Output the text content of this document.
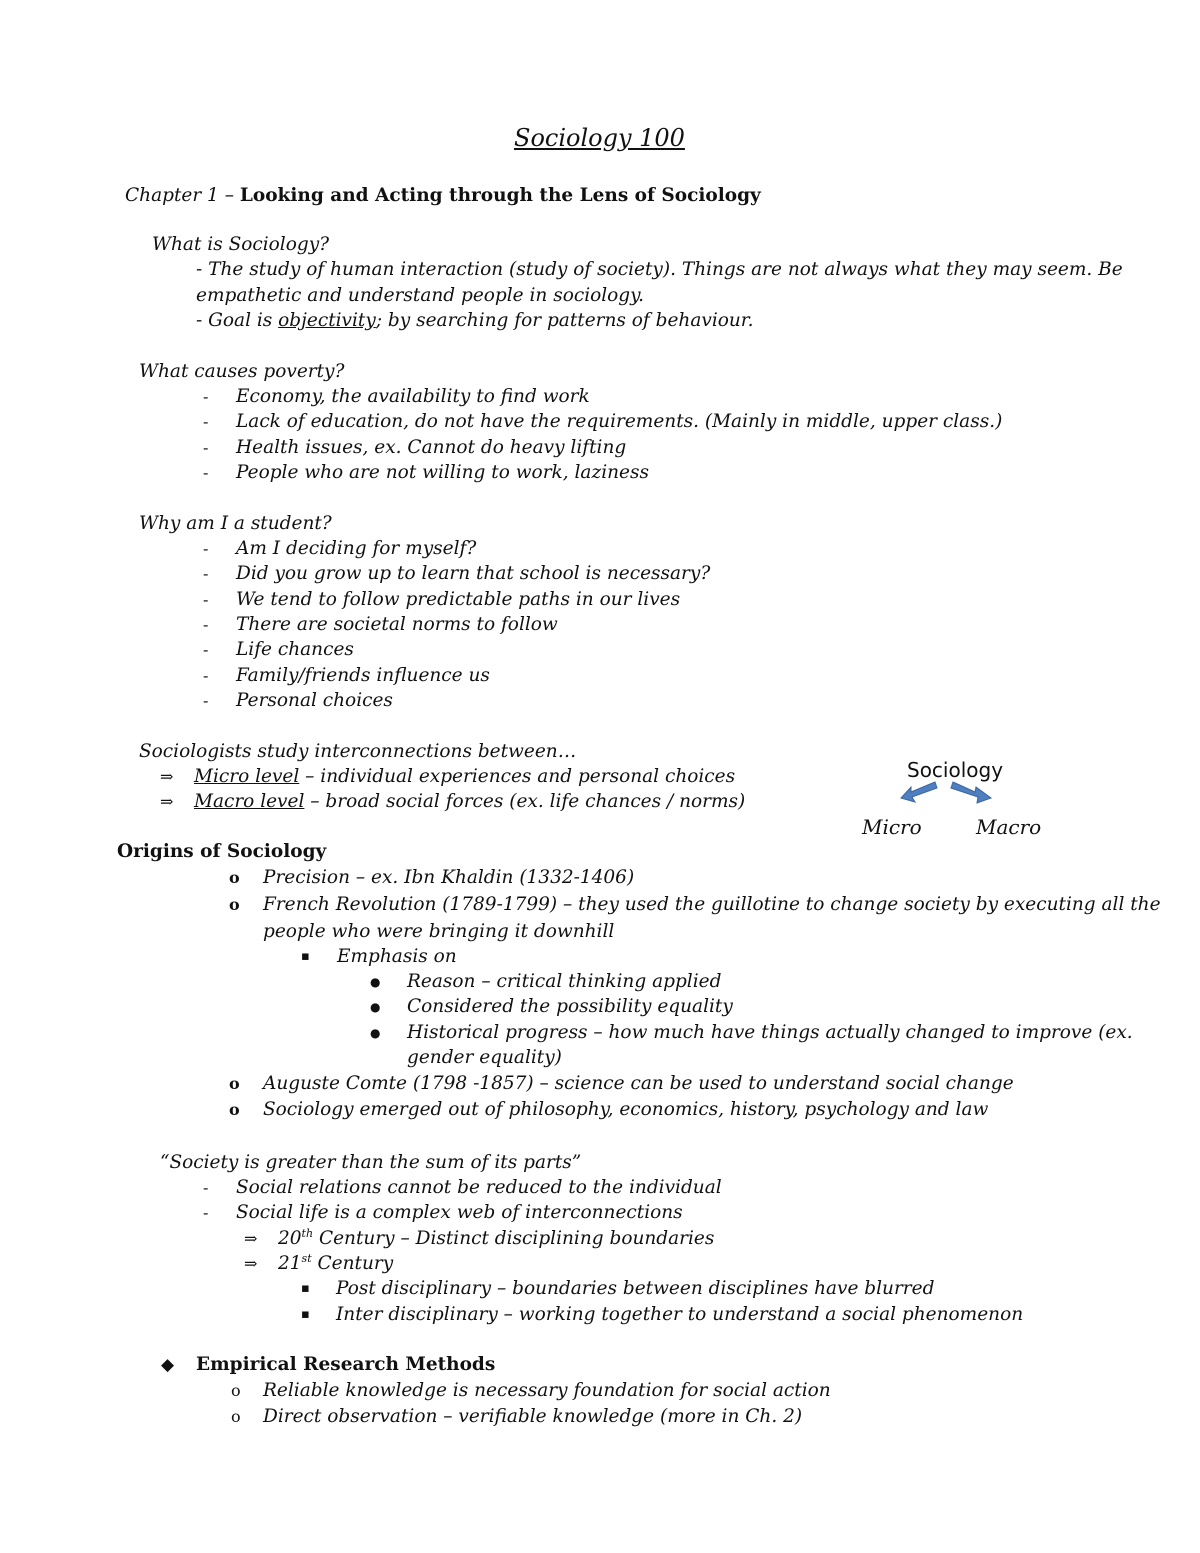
Sociology 100
Chapter 1 – Looking and Acting through the Lens of Sociology
What is Sociology?
- The study of human interaction (study of society). Things are not always what they may seem. Be
empathetic and understand people in sociology.
- Goal is objectivity; by searching for patterns of behaviour.
What causes poverty?
- Economy, the availability to find work
- Lack of education, do not have the requirements. (Mainly in middle, upper class.)
- Health issues, ex. Cannot do heavy lifting
- People who are not willing to work, laziness
Why am I a student?
- Am I deciding for myself?
- Did you grow up to learn that school is necessary?
- We tend to follow predictable paths in our lives
- There are societal norms to follow
- Life chances
- Family/friends influence us
- Personal choices
Sociologists study interconnections between…
⇒ Micro level – individual experiences and personal choices
⇒ Macro level – broad social forces (ex. life chances / norms)
Sociology
Micro	Macro
Origins of Sociology
o Precision – ex. Ibn Khaldin (1332-1406)
o French Revolution (1789-1799) – they used the guillotine to change society by executing all the
people who were bringing it downhill
▪ Emphasis on
● Reason – critical thinking applied
● Considered the possibility equality
● Historical progress – how much have things actually changed to improve (ex.
gender equality)
o Auguste Comte (1798 -1857) – science can be used to understand social change
o Sociology emerged out of philosophy, economics, history, psychology and law
“Society is greater than the sum of its parts”
- Social relations cannot be reduced to the individual
- Social life is a complex web of interconnections
⇒ 20th Century – Distinct disciplining boundaries
⇒ 21st Century
▪ Post disciplinary – boundaries between disciplines have blurred
▪ Inter disciplinary – working together to understand a social phenomenon
◆ Empirical Research Methods
o Reliable knowledge is necessary foundation for social action
o Direct observation – verifiable knowledge (more in Ch. 2)
